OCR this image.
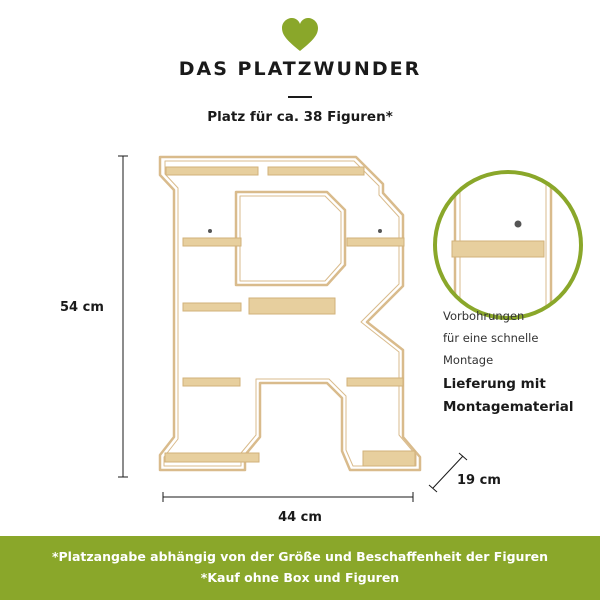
DAS PLATZWUNDER
Platz für ca. 38 Figuren*
54 cm
44 cm
19 cm
Vorbohrungen
für eine schnelle
Montage
Lieferung mit
Montagematerial
*Platzangabe abhängig von der Größe und Beschaffenheit der Figuren
*Kauf ohne Box und Figuren
